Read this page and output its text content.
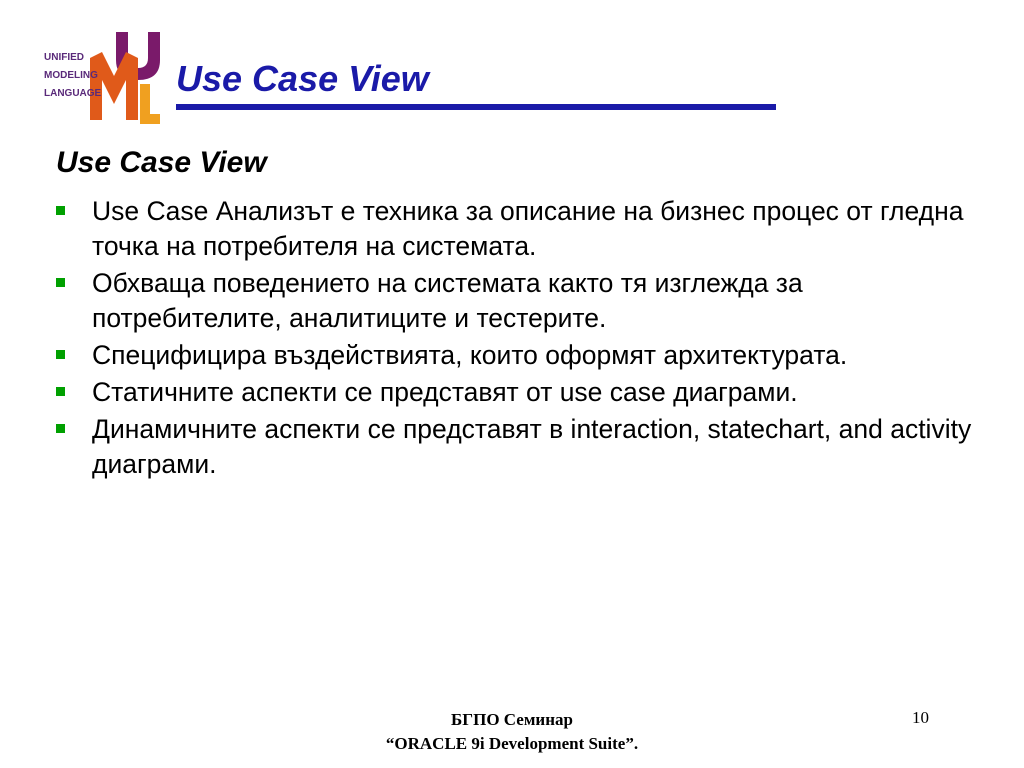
UNIFIED
MODELING
LANGUAGE Use Case View
Use Case View
Use Case Анализът е техника за описание на бизнес процес от гледна точка на потребителя на системата.
Обхваща поведението на системата както тя изглежда за потребителите, аналитиците и тестерите.
Специфицира въздействията, които оформят архитектурата.
Статичните аспекти се представят от use case диаграми.
Динамичните аспекти се представят в interaction, statechart, and activity диаграми.
БГПО Семинар
“ORACLE 9i Development Suite”.
10
